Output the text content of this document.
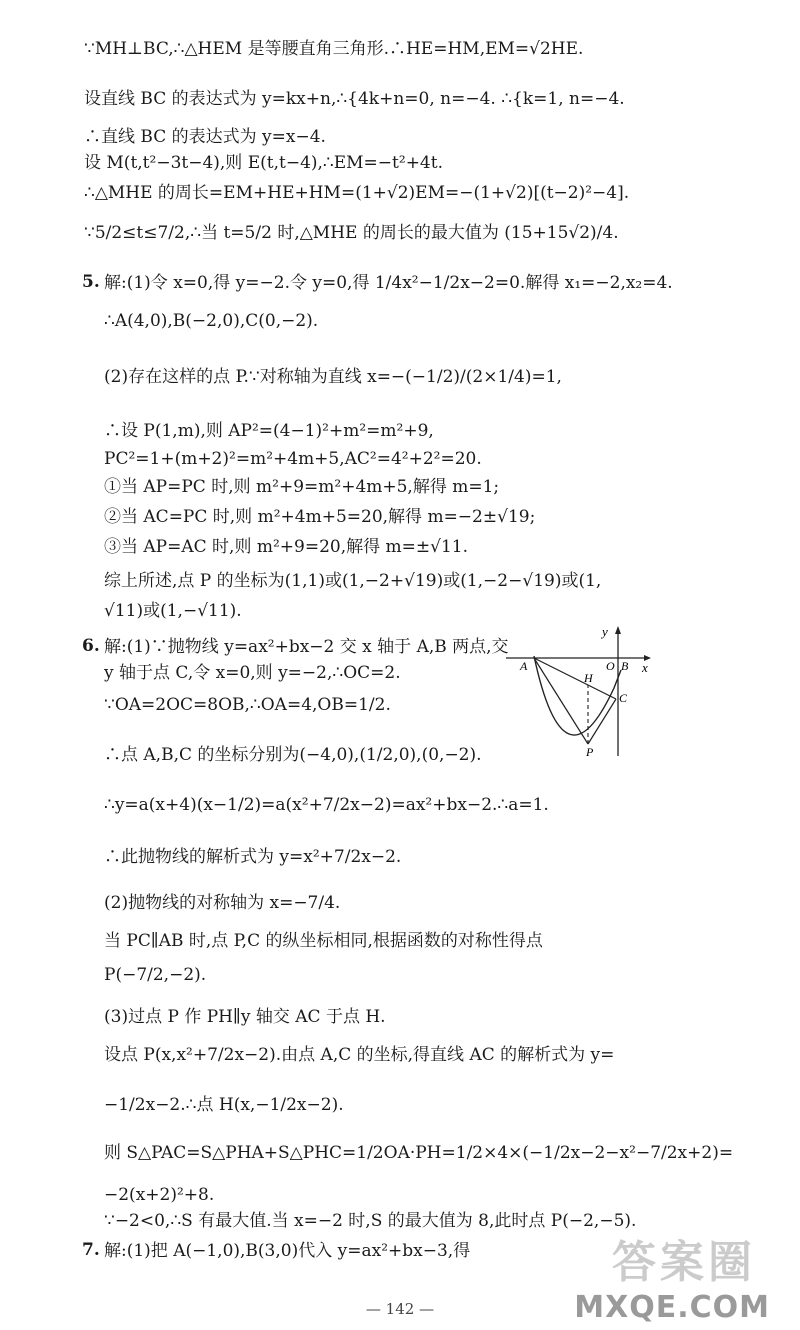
∵MH⊥BC,∴△HEM 是等腰直角三角形.∴HE=HM,EM=√2HE.
设直线 BC 的表达式为 y=kx+n,∴{4k+n=0, n=−4. ∴{k=1, n=−4.
∴直线 BC 的表达式为 y=x−4.
设 M(t,t²−3t−4),则 E(t,t−4),∴EM=−t²+4t.
∴△MHE 的周长=EM+HE+HM=(1+√2)EM=−(1+√2)[(t−2)²−4].
∵5/2≤t≤7/2,∴当 t=5/2 时,△MHE 的周长的最大值为 (15+15√2)/4.
解:(1)令 x=0,得 y=−2.令 y=0,得 1/4x²−1/2x−2=0.解得 x₁=−2,x₂=4.
∴A(4,0),B(−2,0),C(0,−2).
(2)存在这样的点 P.∵对称轴为直线 x=−(−1/2)/(2×1/4)=1,
∴设 P(1,m),则 AP²=(4−1)²+m²=m²+9,
PC²=1+(m+2)²=m²+4m+5,AC²=4²+2²=20.
①当 AP=PC 时,则 m²+9=m²+4m+5,解得 m=1;
②当 AC=PC 时,则 m²+4m+5=20,解得 m=−2±√19;
③当 AP=AC 时,则 m²+9=20,解得 m=±√11.
综上所述,点 P 的坐标为(1,1)或(1,−2+√19)或(1,−2−√19)或(1,
√11)或(1,−√11).
解:(1)∵抛物线 y=ax²+bx−2 交 x 轴于 A,B 两点,交
y 轴于点 C,令 x=0,则 y=−2,∴OC=2.
∵OA=2OC=8OB,∴OA=4,OB=1/2.
∴点 A,B,C 的坐标分别为(−4,0),(1/2,0),(0,−2).
∴y=a(x+4)(x−1/2)=a(x²+7/2x−2)=ax²+bx−2.∴a=1.
∴此抛物线的解析式为 y=x²+7/2x−2.
(2)抛物线的对称轴为 x=−7/4.
当 PC∥AB 时,点 P,C 的纵坐标相同,根据函数的对称性得点
P(−7/2,−2).
(3)过点 P 作 PH∥y 轴交 AC 于点 H.
设点 P(x,x²+7/2x−2).由点 A,C 的坐标,得直线 AC 的解析式为 y=
−1/2x−2.∴点 H(x,−1/2x−2).
则 S△PAC=S△PHA+S△PHC=1/2OA·PH=1/2×4×(−1/2x−2−x²−7/2x+2)=
−2(x+2)²+8.
∵−2<0,∴S 有最大值.当 x=−2 时,S 的最大值为 8,此时点 P(−2,−5).
解:(1)把 A(−1,0),B(3,0)代入 y=ax²+bx−3,得
5.
6.
7.
y
x
A	O B
H
C
P
— 142 —
答案圈
MXQE.COM
